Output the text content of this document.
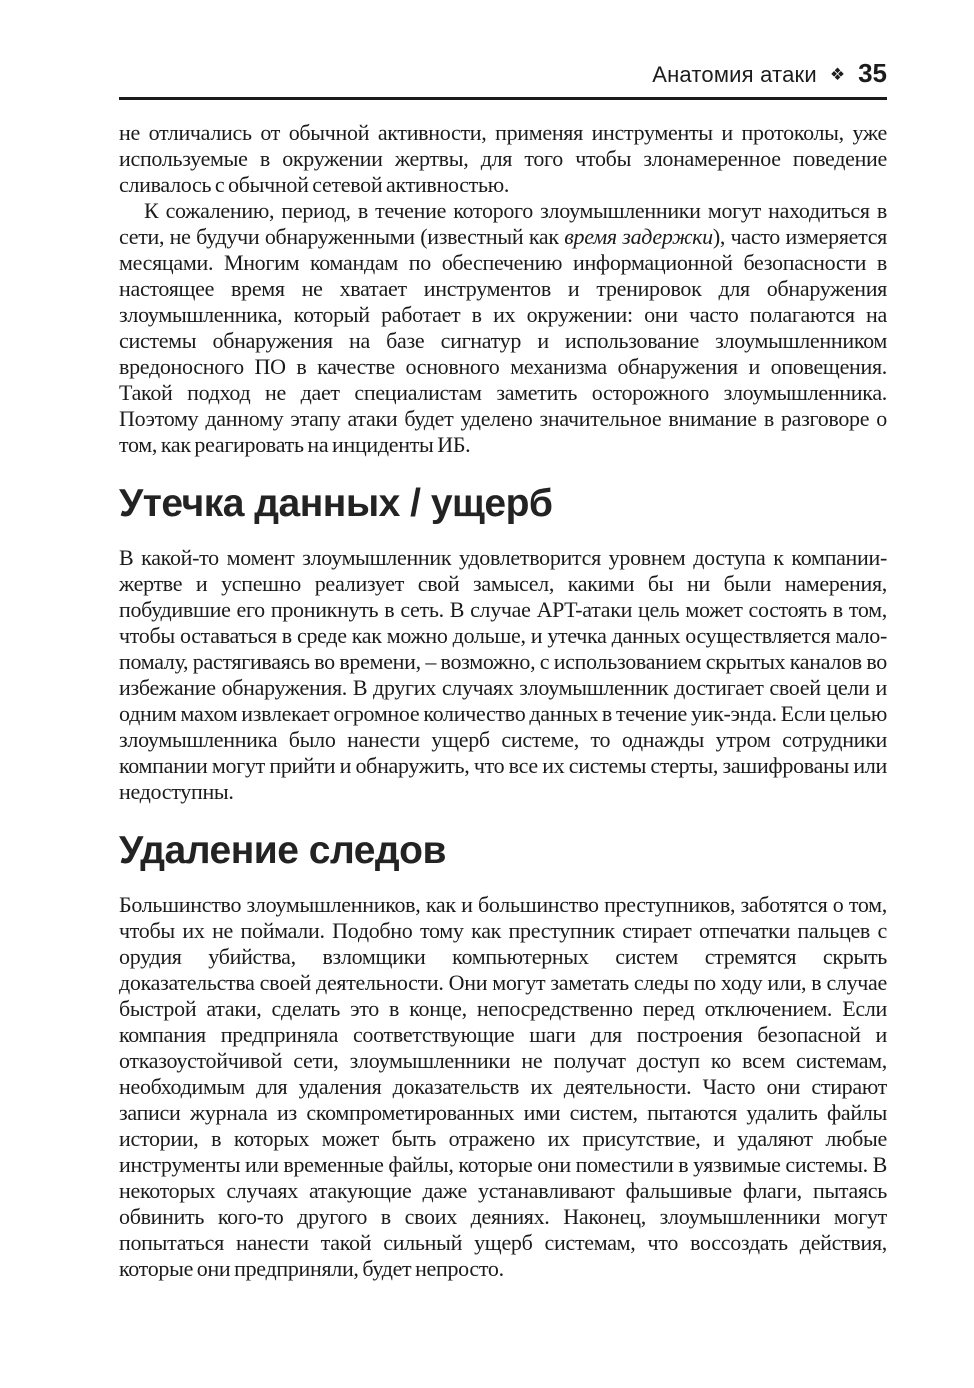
Анатомия атаки ❖ 35

не отличались от обычной активности, применяя инструменты и протоколы, уже используемые в окружении жертвы, для того чтобы злонамеренное поведение сливалось с обычной сетевой активностью.

К сожалению, период, в течение которого злоумышленники могут находиться в сети, не будучи обнаруженными (известный как время задержки), часто измеряется месяцами. Многим командам по обеспечению информационной безопасности в настоящее время не хватает инструментов и тренировок для обнаружения злоумышленника, который работает в их окружении: они часто полагаются на системы обнаружения на базе сигнатур и использование злоумышленником вредоносного ПО в качестве основного механизма обнаружения и оповещения. Такой подход не дает специалистам заметить осторожного злоумышленника. Поэтому данному этапу атаки будет уделено значительное внимание в разговоре о том, как реагировать на инциденты ИБ.

Утечка данных / ущерб

В какой-то момент злоумышленник удовлетворится уровнем доступа к компании-жертве и успешно реализует свой замысел, какими бы ни были намерения, побудившие его проникнуть в сеть. В случае APT-атаки цель может состоять в том, чтобы оставаться в среде как можно дольше, и утечка данных осуществляется мало-помалу, растягиваясь во времени, – возможно, с использованием скрытых каналов во избежание обнаружения. В других случаях злоумышленник достигает своей цели и одним махом извлекает огромное количество данных в течение уик-энда. Если целью злоумышленника было нанести ущерб системе, то однажды утром сотрудники компании могут прийти и обнаружить, что все их системы стерты, зашифрованы или недоступны.

Удаление следов

Большинство злоумышленников, как и большинство преступников, заботятся о том, чтобы их не поймали. Подобно тому как преступник стирает отпечатки пальцев с орудия убийства, взломщики компьютерных систем стремятся скрыть доказательства своей деятельности. Они могут заметать следы по ходу или, в случае быстрой атаки, сделать это в конце, непосредственно перед отключением. Если компания предприняла соответствующие шаги для построения безопасной и отказоустойчивой сети, злоумышленники не получат доступ ко всем системам, необходимым для удаления доказательств их деятельности. Часто они стирают записи журнала из скомпрометированных ими систем, пытаются удалить файлы истории, в которых может быть отражено их присутствие, и удаляют любые инструменты или временные файлы, которые они поместили в уязвимые системы. В некоторых случаях атакующие даже устанавливают фальшивые флаги, пытаясь обвинить кого-то другого в своих деяниях. Наконец, злоумышленники могут попытаться нанести такой сильный ущерб системам, что воссоздать действия, которые они предприняли, будет непросто.
